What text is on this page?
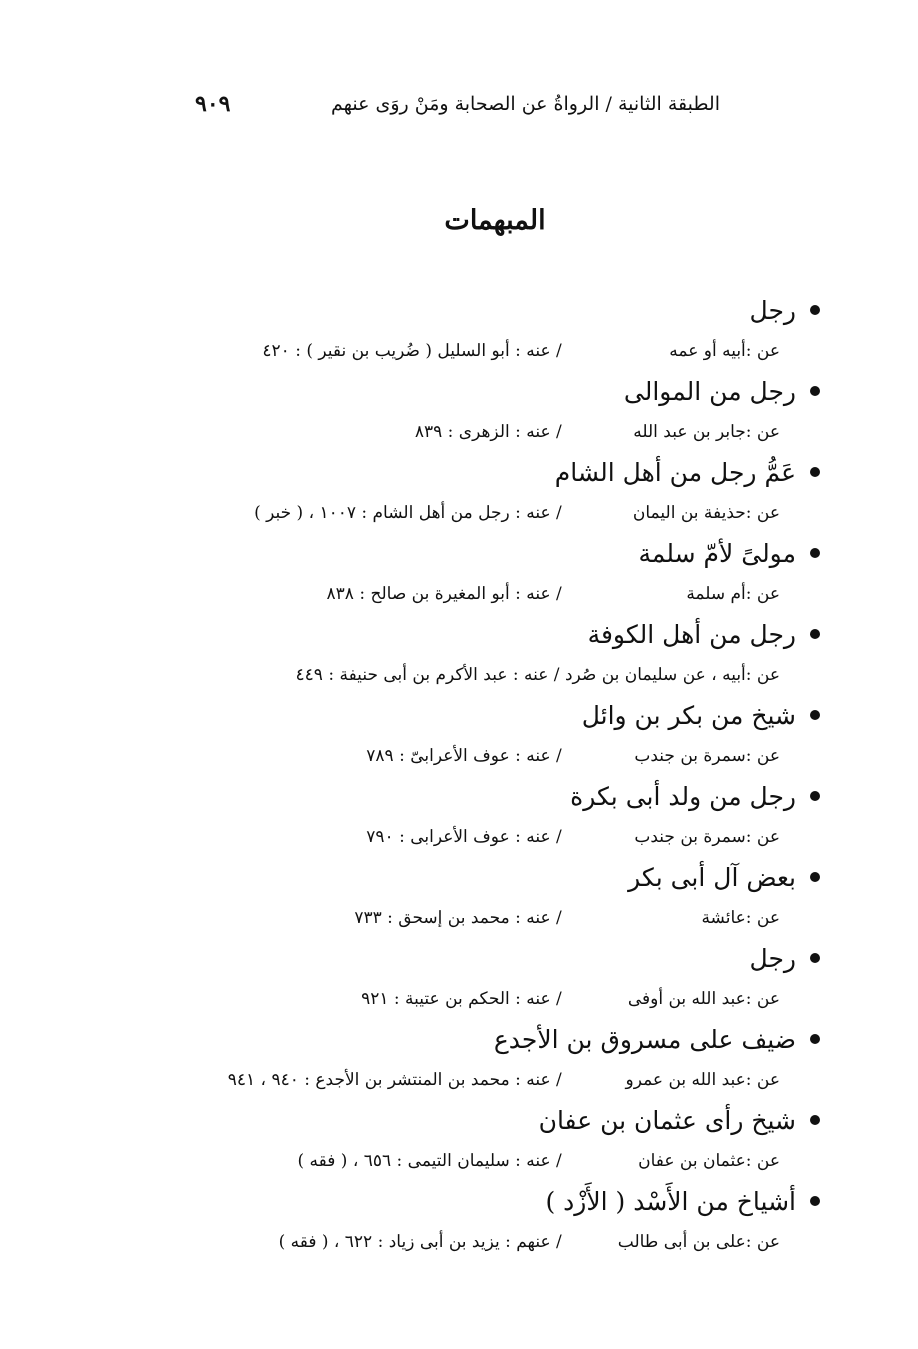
الطبقة الثانية / الرواةُ عن الصحابة ومَنْ روَى عنهم
٩٠٩
المبهمات
رجل
عن :
أبيه أو عمه
/ عنه : أبو السليل ( ضُريب بن نقير ) : ٤٢٠
رجل من الموالى
عن :
جابر بن عبد الله
/ عنه : الزهرى : ٨٣٩
عَمُّ رجل من أهل الشام
عن :
حذيفة بن اليمان
/ عنه : رجل من أهل الشام : ١٠٠٧ ، ( خبر )
مولىً لأمّ سلمة
عن :
أم سلمة
/ عنه : أبو المغيرة بن صالح : ٨٣٨
رجل من أهل الكوفة
عن :
أبيه ، عن سليمان بن صُرد / عنه : عبد الأكرم بن أبى حنيفة : ٤٤٩
شيخ من بكر بن وائل
عن :
سمرة بن جندب
/ عنه : عوف الأعرابىّ : ٧٨٩
رجل من ولد أبى بكرة
عن :
سمرة بن جندب
/ عنه : عوف الأعرابى : ٧٩٠
بعض آل أبى بكر
عن :
عائشة
/ عنه : محمد بن إسحق : ٧٣٣
رجل
عن :
عبد الله بن أوفى
/ عنه : الحكم بن عتيبة : ٩٢١
ضيف على مسروق بن الأجدع
عن :
عبد الله بن عمرو
/ عنه : محمد بن المنتشر بن الأجدع : ٩٤٠ ، ٩٤١
شيخ رأى عثمان بن عفان
عن :
عثمان بن عفان
/ عنه : سليمان التيمى : ٦٥٦ ، ( فقه )
أشياخ من الأَسْد ( الأَزْد )
عن :
على بن أبى طالب
/ عنهم : يزيد بن أبى زياد : ٦٢٢ ، ( فقه )
